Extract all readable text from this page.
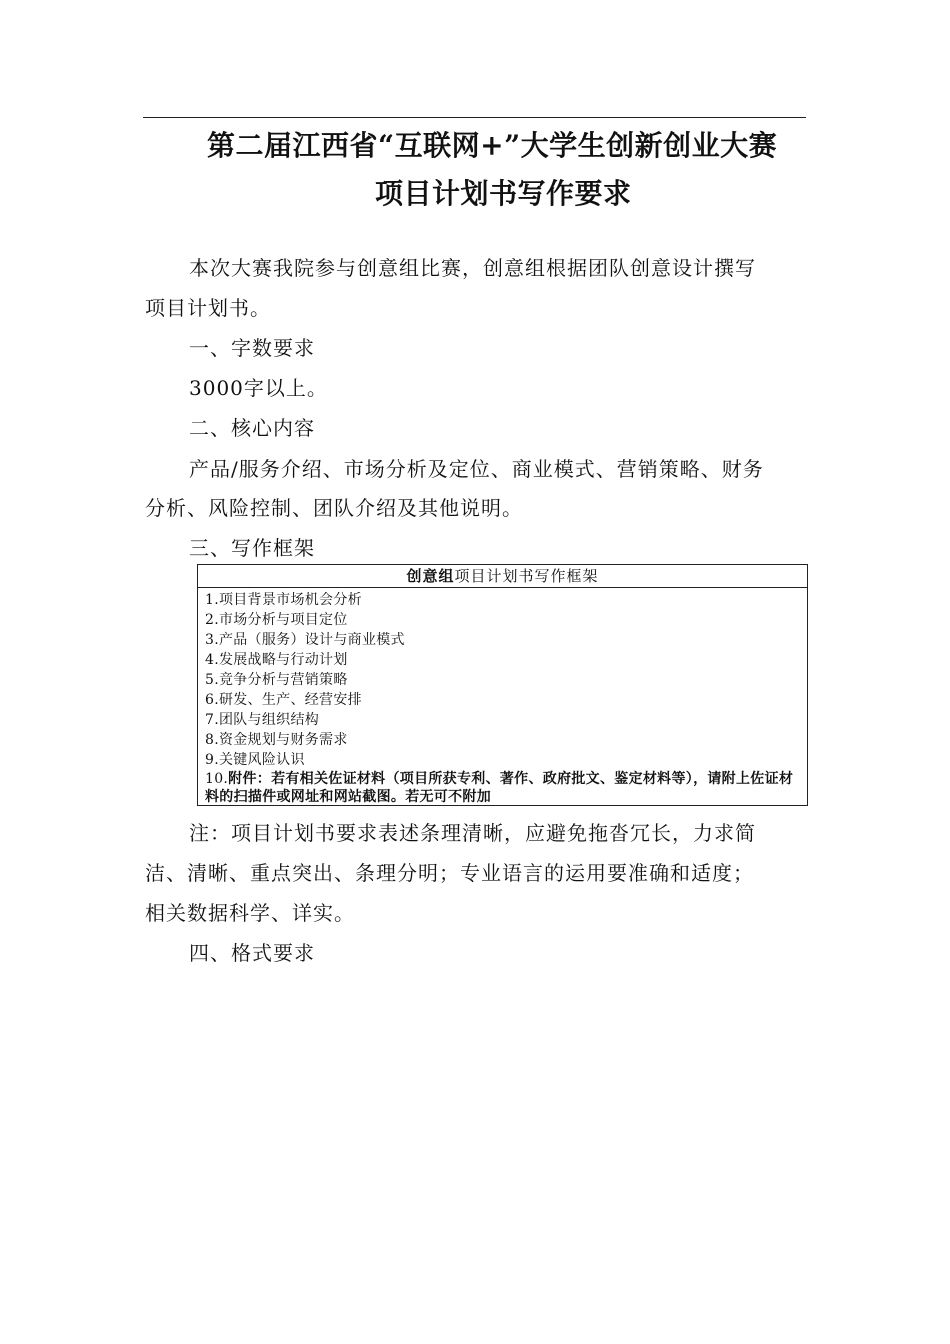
第二届江西省“互联网+”大学生创新创业大赛
项目计划书写作要求
本次大赛我院参与创意组比赛，创意组根据团队创意设计撰写
项目计划书。
一、字数要求
3000字以上。
二、核心内容
产品/服务介绍、市场分析及定位、商业模式、营销策略、财务
分析、风险控制、团队介绍及其他说明。
三、写作框架
创意组项目计划书写作框架
1.项目背景市场机会分析
2.市场分析与项目定位
3.产品（服务）设计与商业模式
4.发展战略与行动计划
5.竞争分析与营销策略
6.研发、生产、经营安排
7.团队与组织结构
8.资金规划与财务需求
9.关键风险认识
10.附件：若有相关佐证材料（项目所获专利、著作、政府批文、鉴定材料等），请附上佐证材料的扫描件或网址和网站截图。若无可不附加
注：项目计划书要求表述条理清晰，应避免拖沓冗长，力求简
洁、清晰、重点突出、条理分明；专业语言的运用要准确和适度；
相关数据科学、详实。
四、格式要求
